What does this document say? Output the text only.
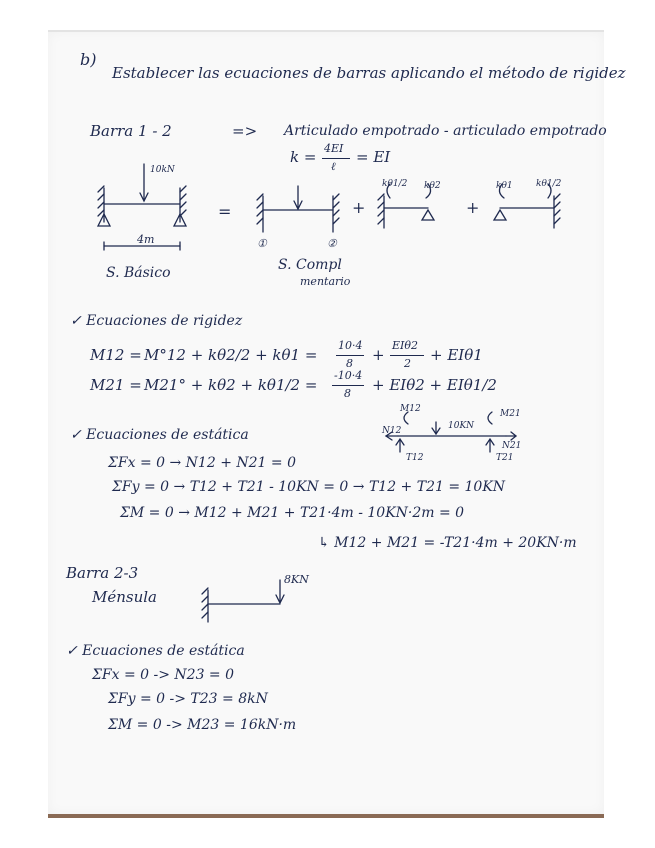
b)
Establecer las ecuaciones de barras aplicando el método de rigidez
Barra 1 - 2	=> Articulado empotrado - articulado empotrado
k = 4EI
ℓ
= EI
10kN
4m
S. Básico
=	+	+
①	②
S. Compl
mentario
kθ1/2 kθ2	kθ1	kθ1/2
✓ Ecuaciones de rigidez
M12 = M°12 + kθ2/2 + kθ1 =
10·4
8 +
EIθ2
2 + EIθ1
M21 = M21° + kθ2 + kθ1/2 =
-10·4
8 + EIθ2 + EIθ1/2
M12
N12	10KN
M21
N21
T12	T21
✓ Ecuaciones de estática
ΣFx = 0 → N12 + N21 = 0
ΣFy = 0 → T12 + T21 - 10KN = 0 → T12 + T21 = 10KN
ΣM = 0 → M12 + M21 + T21·4m - 10KN·2m = 0
↳ M12 + M21 = -T21·4m + 20KN·m
Barra 2-3
Ménsula
8KN
✓ Ecuaciones de estática
ΣFx = 0 -> N23 = 0
ΣFy = 0 -> T23 = 8kN
ΣM = 0 -> M23 = 16kN·m
